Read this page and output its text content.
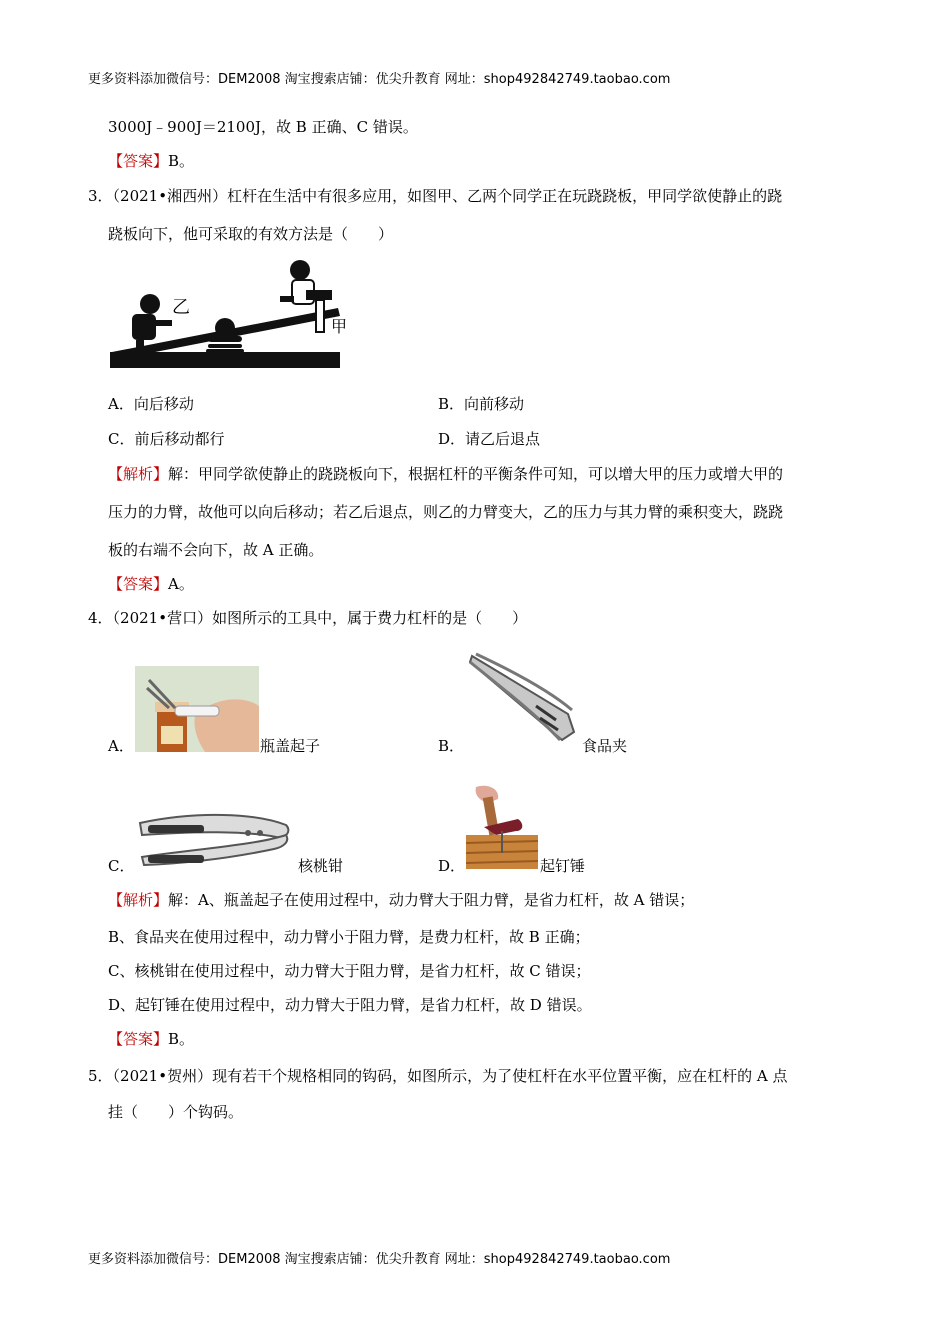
更多资料添加微信号：DEM2008 淘宝搜索店铺：优尖升教育 网址：shop492842749.taobao.com
3000J﹣900J＝2100J，故 B 正确、C 错误。
【答案】B。
3．（2021•湘西州）杠杆在生活中有很多应用，如图甲、乙两个同学正在玩跷跷板，甲同学欲使静止的跷
跷板向下，他可采取的有效方法是（　　）
乙
甲
A．向后移动	B．向前移动
C．前后移动都行	D．请乙后退点
【解析】解：甲同学欲使静止的跷跷板向下，根据杠杆的平衡条件可知，可以增大甲的压力或增大甲的
压力的力臂，故他可以向后移动；若乙后退点，则乙的力臂变大，乙的压力与其力臂的乘积变大，跷跷
板的右端不会向下，故 A 正确。
【答案】A。
4．（2021•营口）如图所示的工具中，属于费力杠杆的是（　　）
A．	瓶盖起子	B．	食品夹
C．	核桃钳	D．	起钉锤
【解析】解：A、瓶盖起子在使用过程中，动力臂大于阻力臂，是省力杠杆，故 A 错误；
B、食品夹在使用过程中，动力臂小于阻力臂，是费力杠杆，故 B 正确；
C、核桃钳在使用过程中，动力臂大于阻力臂，是省力杠杆，故 C 错误；
D、起钉锤在使用过程中，动力臂大于阻力臂，是省力杠杆，故 D 错误。
【答案】B。
5．（2021•贺州）现有若干个规格相同的钩码，如图所示，为了使杠杆在水平位置平衡，应在杠杆的 A 点
挂（　　）个钩码。
更多资料添加微信号：DEM2008 淘宝搜索店铺：优尖升教育 网址：shop492842749.taobao.com
